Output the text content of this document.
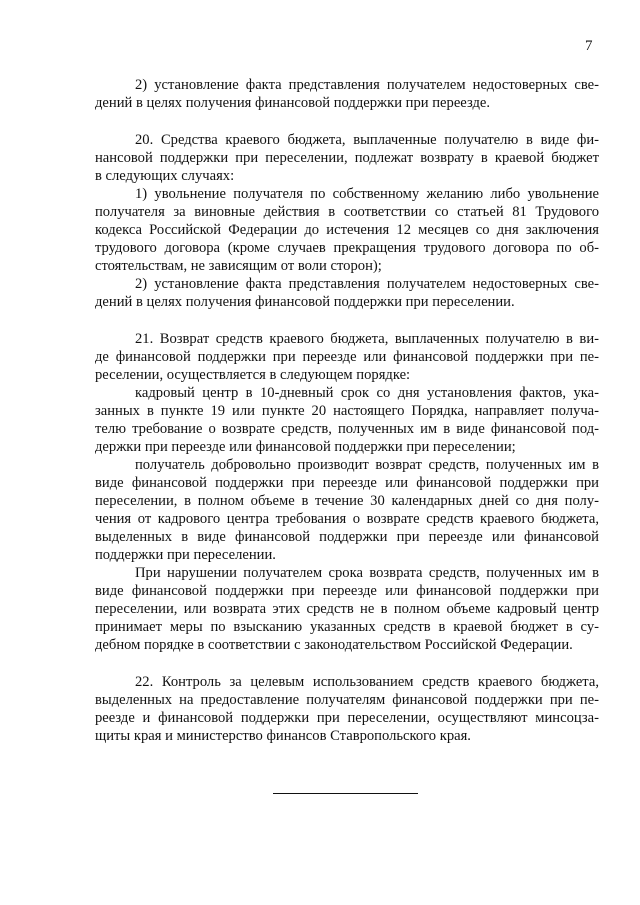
7
2) установление факта представления получателем недостоверных све-
дений в целях получения финансовой поддержки при переезде.
20. Средства краевого бюджета, выплаченные получателю в виде фи-
нансовой поддержки при переселении, подлежат возврату в краевой бюджет
в следующих случаях:
1) увольнение получателя по собственному желанию либо увольнение
получателя за виновные действия в соответствии со статьей 81 Трудового
кодекса Российской Федерации до истечения 12 месяцев со дня заключения
трудового договора (кроме случаев прекращения трудового договора по об-
стоятельствам, не зависящим от воли сторон);
2) установление факта представления получателем недостоверных све-
дений в целях получения финансовой поддержки при переселении.
21. Возврат средств краевого бюджета, выплаченных получателю в ви-
де финансовой поддержки при переезде или финансовой поддержки при пе-
реселении, осуществляется в следующем порядке:
кадровый центр в 10-дневный срок со дня установления фактов, ука-
занных в пункте 19 или пункте 20 настоящего Порядка, направляет получа-
телю требование о возврате средств, полученных им в виде финансовой под-
держки при переезде или финансовой поддержки при переселении;
получатель добровольно производит возврат средств, полученных им в
виде финансовой поддержки при переезде или финансовой поддержки при
переселении, в полном объеме в течение 30 календарных дней со дня полу-
чения от кадрового центра требования о возврате средств краевого бюджета,
выделенных в виде финансовой поддержки при переезде или финансовой
поддержки при переселении.
При нарушении получателем срока возврата средств, полученных им в
виде финансовой поддержки при переезде или финансовой поддержки при
переселении, или возврата этих средств не в полном объеме кадровый центр
принимает меры по взысканию указанных средств в краевой бюджет в су-
дебном порядке в соответствии с законодательством Российской Федерации.
22. Контроль за целевым использованием средств краевого бюджета,
выделенных на предоставление получателям финансовой поддержки при пе-
реезде и финансовой поддержки при переселении, осуществляют минсоцза-
щиты края и министерство финансов Ставропольского края.
